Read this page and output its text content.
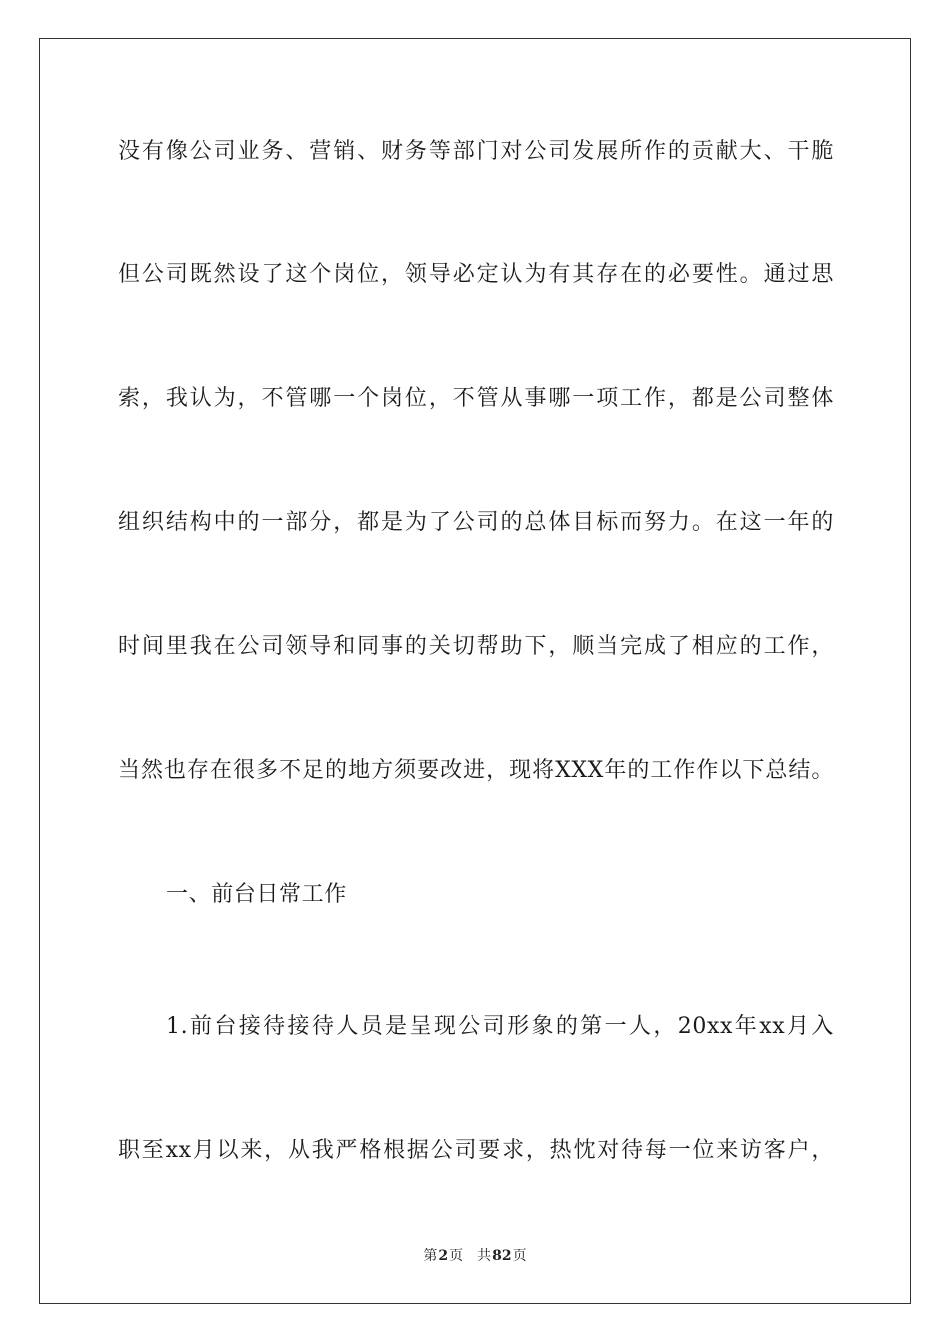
没有像公司业务、营销、财务等部门对公司发展所作的贡献大、干脆
但公司既然设了这个岗位，领导必定认为有其存在的必要性。通过思
索，我认为，不管哪一个岗位，不管从事哪一项工作，都是公司整体
组织结构中的一部分，都是为了公司的总体目标而努力。在这一年的
时间里我在公司领导和同事的关切帮助下，顺当完成了相应的工作，
当然也存在很多不足的地方须要改进，现将XXX年的工作作以下总结。
一、前台日常工作
1.前台接待接待人员是呈现公司形象的第一人，20xx年xx月入
职至xx月以来，从我严格根据公司要求，热忱对待每一位来访客户，
第2页 共82页
